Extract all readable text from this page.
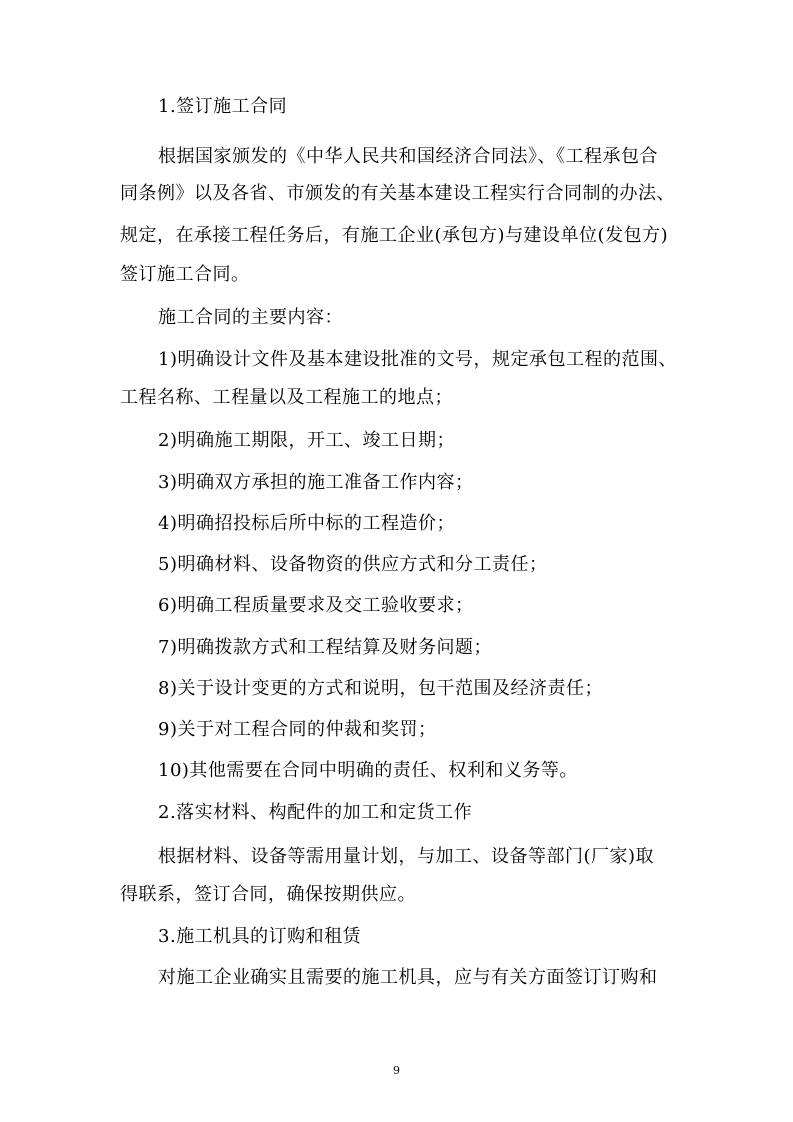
1.签订施工合同
根据国家颁发的《中华人民共和国经济合同法》、《工程承包合
同条例》以及各省、市颁发的有关基本建设工程实行合同制的办法、
规定，在承接工程任务后，有施工企业(承包方)与建设单位(发包方)
签订施工合同。
施工合同的主要内容：
1)明确设计文件及基本建设批准的文号，规定承包工程的范围、
工程名称、工程量以及工程施工的地点；
2)明确施工期限，开工、竣工日期；
3)明确双方承担的施工准备工作内容；
4)明确招投标后所中标的工程造价；
5)明确材料、设备物资的供应方式和分工责任；
6)明确工程质量要求及交工验收要求；
7)明确拨款方式和工程结算及财务问题；
8)关于设计变更的方式和说明，包干范围及经济责任；
9)关于对工程合同的仲裁和奖罚；
10)其他需要在合同中明确的责任、权利和义务等。
2.落实材料、构配件的加工和定货工作
根据材料、设备等需用量计划，与加工、设备等部门(厂家)取
得联系，签订合同，确保按期供应。
3.施工机具的订购和租赁
对施工企业确实且需要的施工机具，应与有关方面签订订购和
9
